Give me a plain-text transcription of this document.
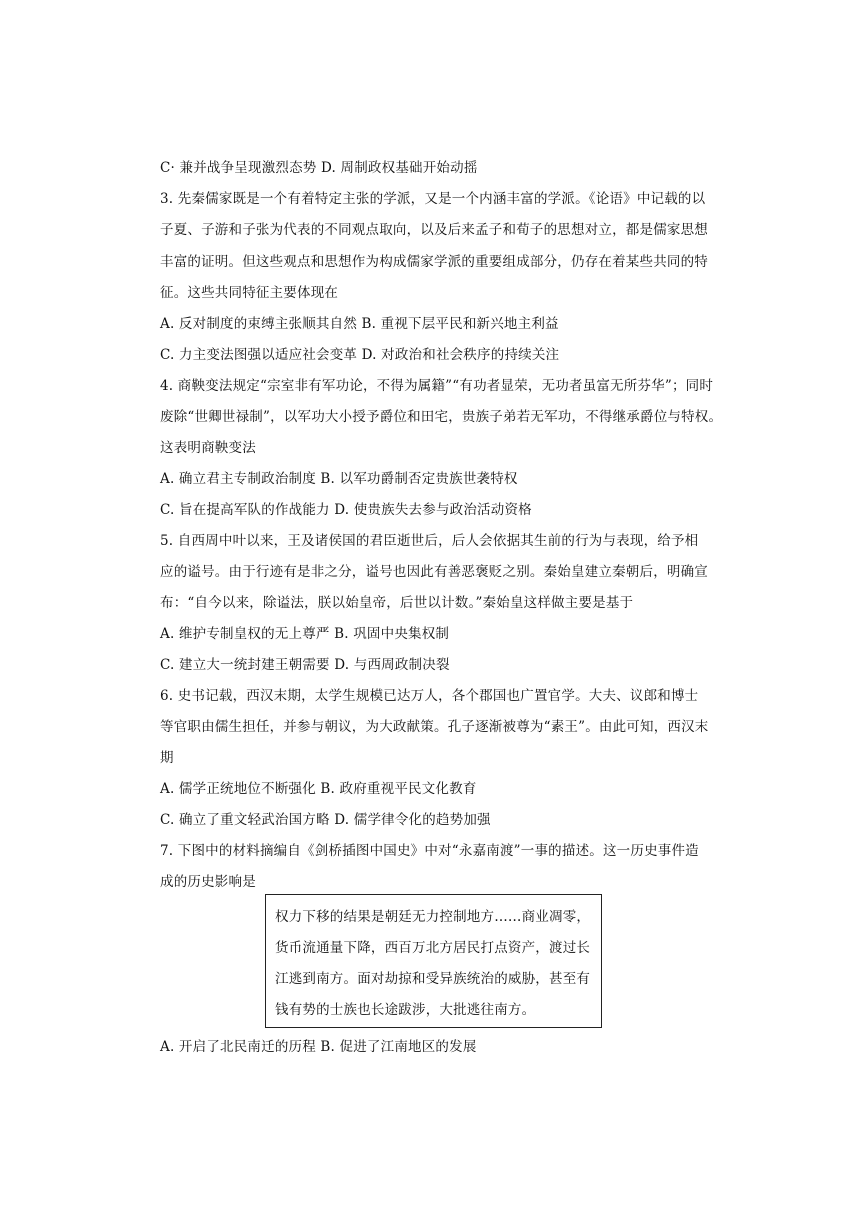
C· 兼并战争呈现激烈态势 D. 周制政权基础开始动摇
3. 先秦儒家既是一个有着特定主张的学派，又是一个内涵丰富的学派。《论语》中记载的以
子夏、子游和子张为代表的不同观点取向，以及后来孟子和荀子的思想对立，都是儒家思想
丰富的证明。但这些观点和思想作为构成儒家学派的重要组成部分，仍存在着某些共同的特
征。这些共同特征主要体现在
A. 反对制度的束缚主张顺其自然 B. 重视下层平民和新兴地主利益
C. 力主变法图强以适应社会变革 D. 对政治和社会秩序的持续关注
4. 商鞅变法规定“宗室非有军功论，不得为属籍”“有功者显荣，无功者虽富无所芬华”；同时
废除“世卿世禄制”，以军功大小授予爵位和田宅，贵族子弟若无军功，不得继承爵位与特权。
这表明商鞅变法
A. 确立君主专制政治制度 B. 以军功爵制否定贵族世袭特权
C. 旨在提高军队的作战能力 D. 使贵族失去参与政治活动资格
5. 自西周中叶以来，王及诸侯国的君臣逝世后，后人会依据其生前的行为与表现，给予相
应的谥号。由于行迹有是非之分，谥号也因此有善恶褒贬之别。秦始皇建立秦朝后，明确宣
布：“自今以来，除谥法，朕以始皇帝，后世以计数。”秦始皇这样做主要是基于
A. 维护专制皇权的无上尊严 B. 巩固中央集权制
C. 建立大一统封建王朝需要 D. 与西周政制决裂
6. 史书记载，西汉末期，太学生规模已达万人，各个郡国也广置官学。大夫、议郎和博士
等官职由儒生担任，并参与朝议，为大政献策。孔子逐渐被尊为“素王”。由此可知，西汉末
期
A. 儒学正统地位不断强化 B. 政府重视平民文化教育
C. 确立了重文轻武治国方略 D. 儒学律令化的趋势加强
7. 下图中的材料摘编自《剑桥插图中国史》中对“永嘉南渡”一事的描述。这一历史事件造
成的历史影响是
权力下移的结果是朝廷无力控制地方……商业凋零，
货币流通量下降，西百万北方居民打点资产，渡过长
江逃到南方。面对劫掠和受异族统治的威胁，甚至有
钱有势的士族也长途跋涉，大批逃往南方。
A. 开启了北民南迁的历程 B. 促进了江南地区的发展
